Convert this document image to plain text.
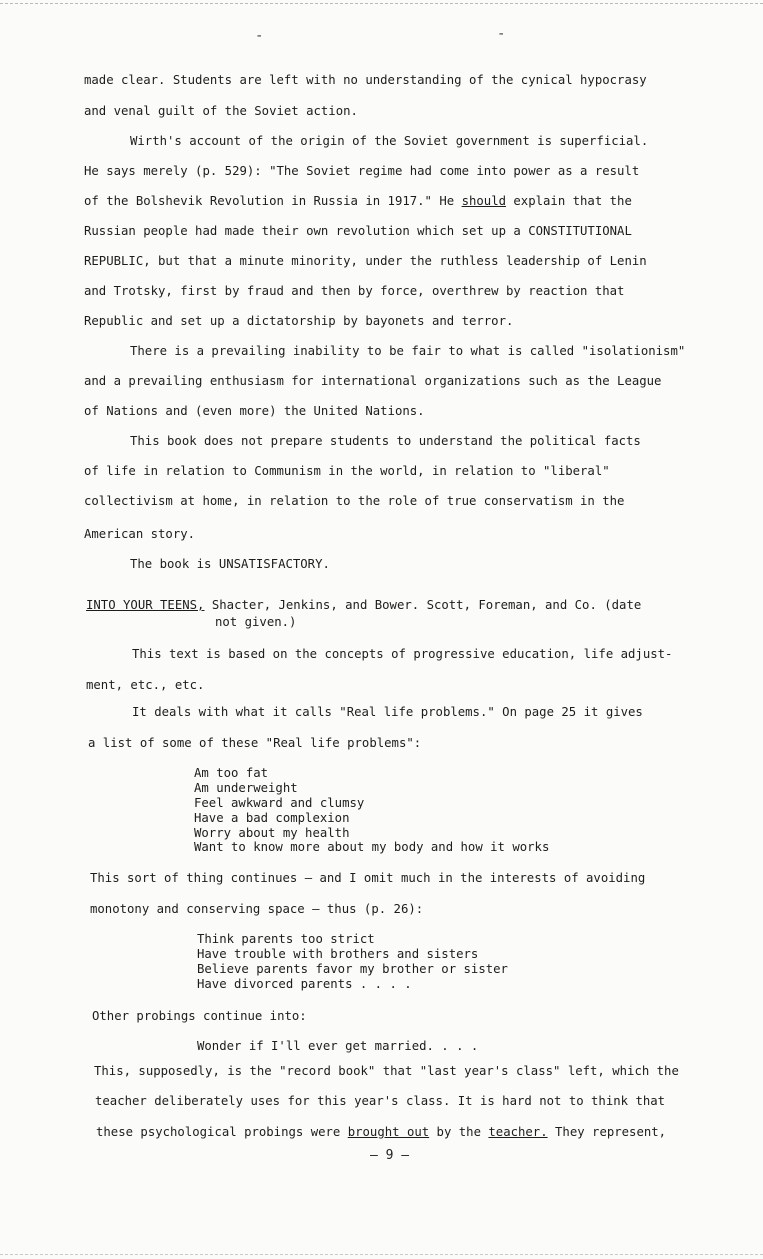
-	-
made clear. Students are left with no understanding of the cynical hypocrasy
and venal guilt of the Soviet action.
Wirth's account of the origin of the Soviet government is superficial.
He says merely (p. 529): "The Soviet regime had come into power as a result
of the Bolshevik Revolution in Russia in 1917." He should explain that the
Russian people had made their own revolution which set up a CONSTITUTIONAL
REPUBLIC, but that a minute minority, under the ruthless leadership of Lenin
and Trotsky, first by fraud and then by force, overthrew by reaction that
Republic and set up a dictatorship by bayonets and terror.
There is a prevailing inability to be fair to what is called "isolationism"
and a prevailing enthusiasm for international organizations such as the League
of Nations and (even more) the United Nations.
This book does not prepare students to understand the political facts
of life in relation to Communism in the world, in relation to "liberal"
collectivism at home, in relation to the role of true conservatism in the
American story.
The book is UNSATISFACTORY.
INTO YOUR TEENS, Shacter, Jenkins, and Bower. Scott, Foreman, and Co. (date
not given.)
This text is based on the concepts of progressive education, life adjust-
ment, etc., etc.
It deals with what it calls "Real life problems." On page 25 it gives
a list of some of these "Real life problems":
Am too fat
Am underweight
Feel awkward and clumsy
Have a bad complexion
Worry about my health
Want to know more about my body and how it works
This sort of thing continues — and I omit much in the interests of avoiding
monotony and conserving space — thus (p. 26):
Think parents too strict
Have trouble with brothers and sisters
Believe parents favor my brother or sister
Have divorced parents . . . .
Other probings continue into:
Wonder if I'll ever get married. . . .
This, supposedly, is the "record book" that "last year's class" left, which the
teacher deliberately uses for this year's class. It is hard not to think that
these psychological probings were brought out by the teacher. They represent,
– 9 –
